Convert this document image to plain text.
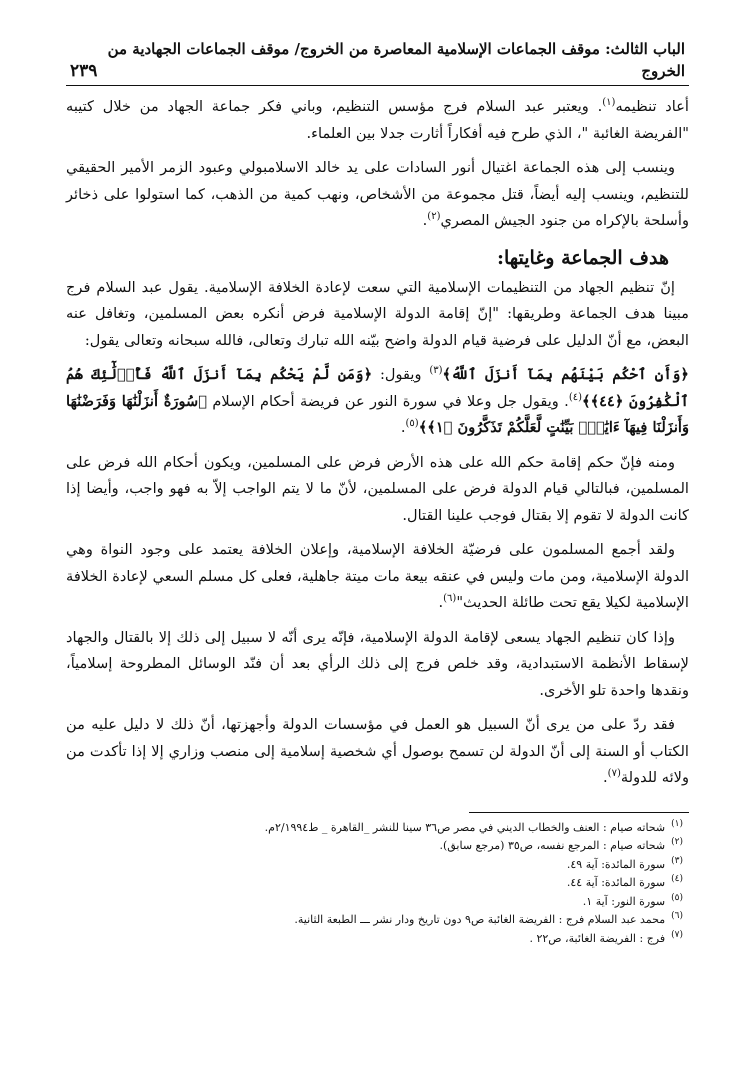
الباب الثالث: موقف الجماعات الإسلامية المعاصرة من الخروج/ موقف الجماعات الجهادية من الخروج
٢٣٩

أعاد تنظيمه$^{(١)}$. ويعتبر عبد السلام فرج مؤسس التنظيم، وباني فكر جماعة الجهاد من خلال كتيبه "الفريضة الغائبة "، الذي طرح فيه أفكاراً أثارت جدلا بين العلماء.

وينسب إلى هذه الجماعة اغتيال أنور السادات على يد خالد الاسلامبولي وعبود الزمر الأمير الحقيقي للتنظيم، وينسب إليه أيضاً، قتل مجموعة من الأشخاص، ونهب كمية من الذهب، كما استولوا على ذخائر وأسلحة بالإكراه من جنود الجيش المصري$^{(٢)}$.

هدف الجماعة وغايتها:

إنّ تنظيم الجهاد من التنظيمات الإسلامية التي سعت لإعادة الخلافة الإسلامية. يقول عبد السلام فرج مبينا هدف الجماعة وطريقها: "إنّ إقامة الدولة الإسلامية فرض أنكره بعض المسلمين، وتغافل عنه البعض، مع أنّ الدليل على فرضية قيام الدولة واضح بيّنه الله تبارك وتعالى، فالله سبحانه وتعالى يقول:

﴿وَأَنِ ٱحْكُم بَيْنَهُم بِمَآ أَنزَلَ ٱللَّهُ﴾$^{(٣)}$ ويقول: ﴿وَمَن لَّمْ يَحْكُم بِمَآ أَنزَلَ ٱللَّهُ فَأُو۟لَٰٓئِكَ هُمُ ٱلْكَٰفِرُونَ ﴿٤٤﴾﴾$^{(٤)}$. ويقول جل وعلا في سورة النور عن فريضة أحكام الإسلام ﴿سُورَةٌ أَنزَلْنَٰهَا وَفَرَضْنَٰهَا وَأَنزَلْنَا فِيهَآ ءَايَٰتٍۭ بَيِّنَٰتٍ لَّعَلَّكُمْ تَذَكَّرُونَ ﴿١﴾﴾$^{(٥)}$.

ومنه فإنّ حكم إقامة حكم الله على هذه الأرض فرض على المسلمين، ويكون أحكام الله فرض على المسلمين، فبالتالي قيام الدولة فرض على المسلمين، لأنّ ما لا يتم الواجب إلاّ به فهو واجب، وأيضا إذا كانت الدولة لا تقوم إلا بقتال فوجب علينا القتال.

ولقد أجمع المسلمون على فرضيّة الخلافة الإسلامية، وإعلان الخلافة يعتمد على وجود النواة وهي الدولة الإسلامية، ومن مات وليس في عنقه بيعة مات ميتة جاهلية، فعلى كل مسلم السعي لإعادة الخلافة الإسلامية لكيلا يقع تحت طائلة الحديث"$^{(٦)}$.

وإذا كان تنظيم الجهاد يسعى لإقامة الدولة الإسلامية، فإنّه يرى أنّه لا سبيل إلى ذلك إلا بالقتال والجهاد لإسقاط الأنظمة الاستبدادية، وقد خلص فرج إلى ذلك الرأي بعد أن فنّد الوسائل المطروحة إسلامياً، ونقدها واحدة تلو الأخرى.

فقد ردّ على من يرى أنّ السبيل هو العمل في مؤسسات الدولة وأجهزتها، أنّ ذلك لا دليل عليه من الكتاب أو السنة إلى أنّ الدولة لن تسمح بوصول أي شخصية إسلامية إلى منصب وزاري إلا إذا تأكدت من ولائه للدولة$^{(٧)}$.

$^{(١)}$شحاته صيام : العنف والخطاب الديني في مصر ص٣٦ سينا للنشر _القاهرة _ ط٢/١٩٩٤م.

$^{(٢)}$شحاته صيام : المرجع نفسه، ص٣٥ (مرجع سابق).

$^{(٣)}$سورة المائدة: آية ٤٩.

$^{(٤)}$سورة المائدة: آية ٤٤.

$^{(٥)}$سورة النور: آية ١.

$^{(٦)}$محمد عبد السلام فرج : الفريضة الغائبة ص٩ دون تاريخ ودار نشر ـــ الطبعة الثانية.

$^{(٧)}$فرج : الفريضة الغائبة، ص٢٢ .
